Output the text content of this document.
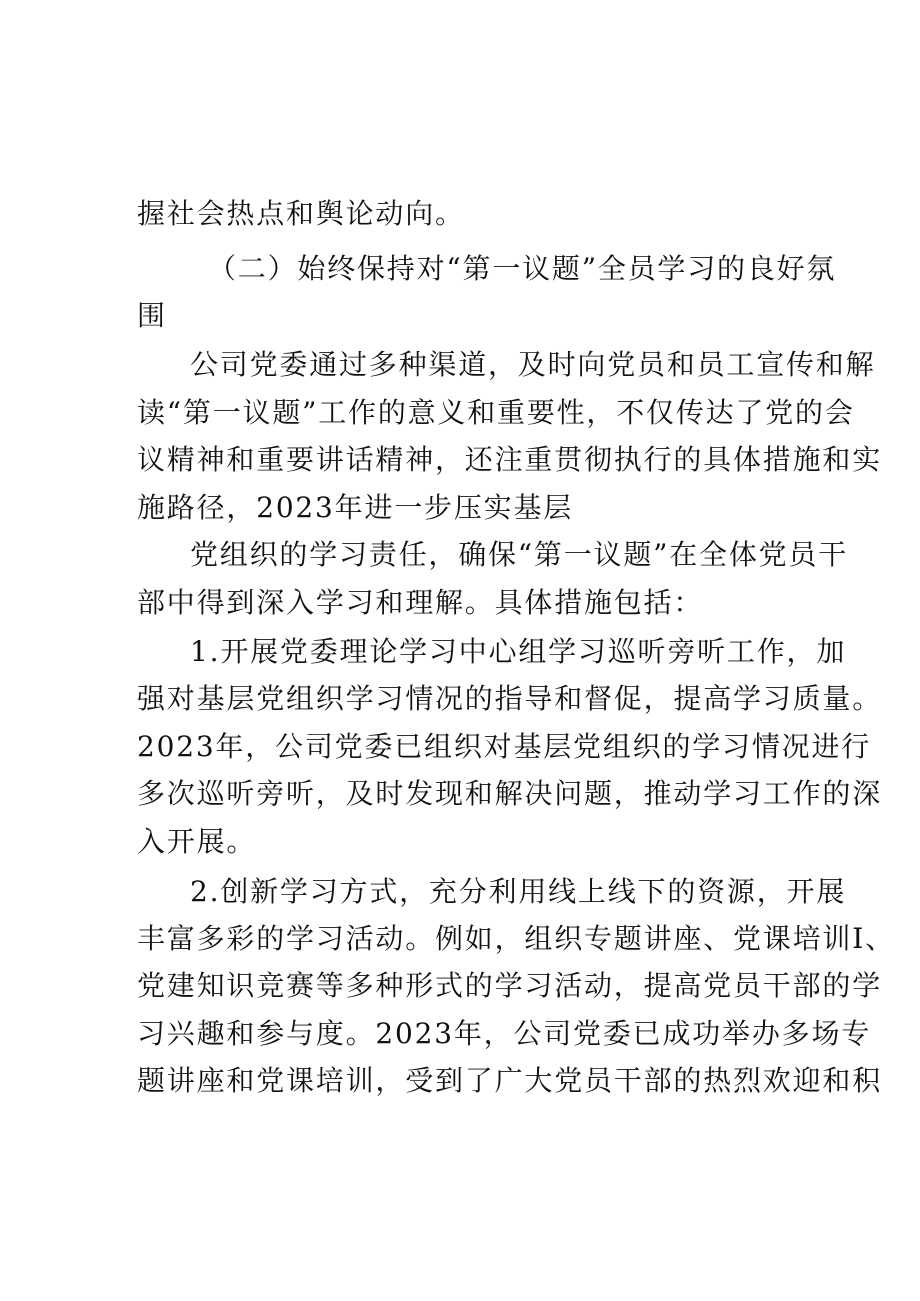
握社会热点和舆论动向。
（二）始终保持对“第一议题”全员学习的良好氛
围
公司党委通过多种渠道，及时向党员和员工宣传和解
读“第一议题”工作的意义和重要性，不仅传达了党的会
议精神和重要讲话精神，还注重贯彻执行的具体措施和实
施路径，2023年进一步压实基层
党组织的学习责任，确保“第一议题”在全体党员干
部中得到深入学习和理解。具体措施包括：
1.开展党委理论学习中心组学习巡听旁听工作，加
强对基层党组织学习情况的指导和督促，提高学习质量。
2023年，公司党委已组织对基层党组织的学习情况进行
多次巡听旁听，及时发现和解决问题，推动学习工作的深
入开展。
2.创新学习方式，充分利用线上线下的资源，开展
丰富多彩的学习活动。例如，组织专题讲座、党课培训I、
党建知识竞赛等多种形式的学习活动，提高党员干部的学
习兴趣和参与度。2023年，公司党委已成功举办多场专
题讲座和党课培训，受到了广大党员干部的热烈欢迎和积
